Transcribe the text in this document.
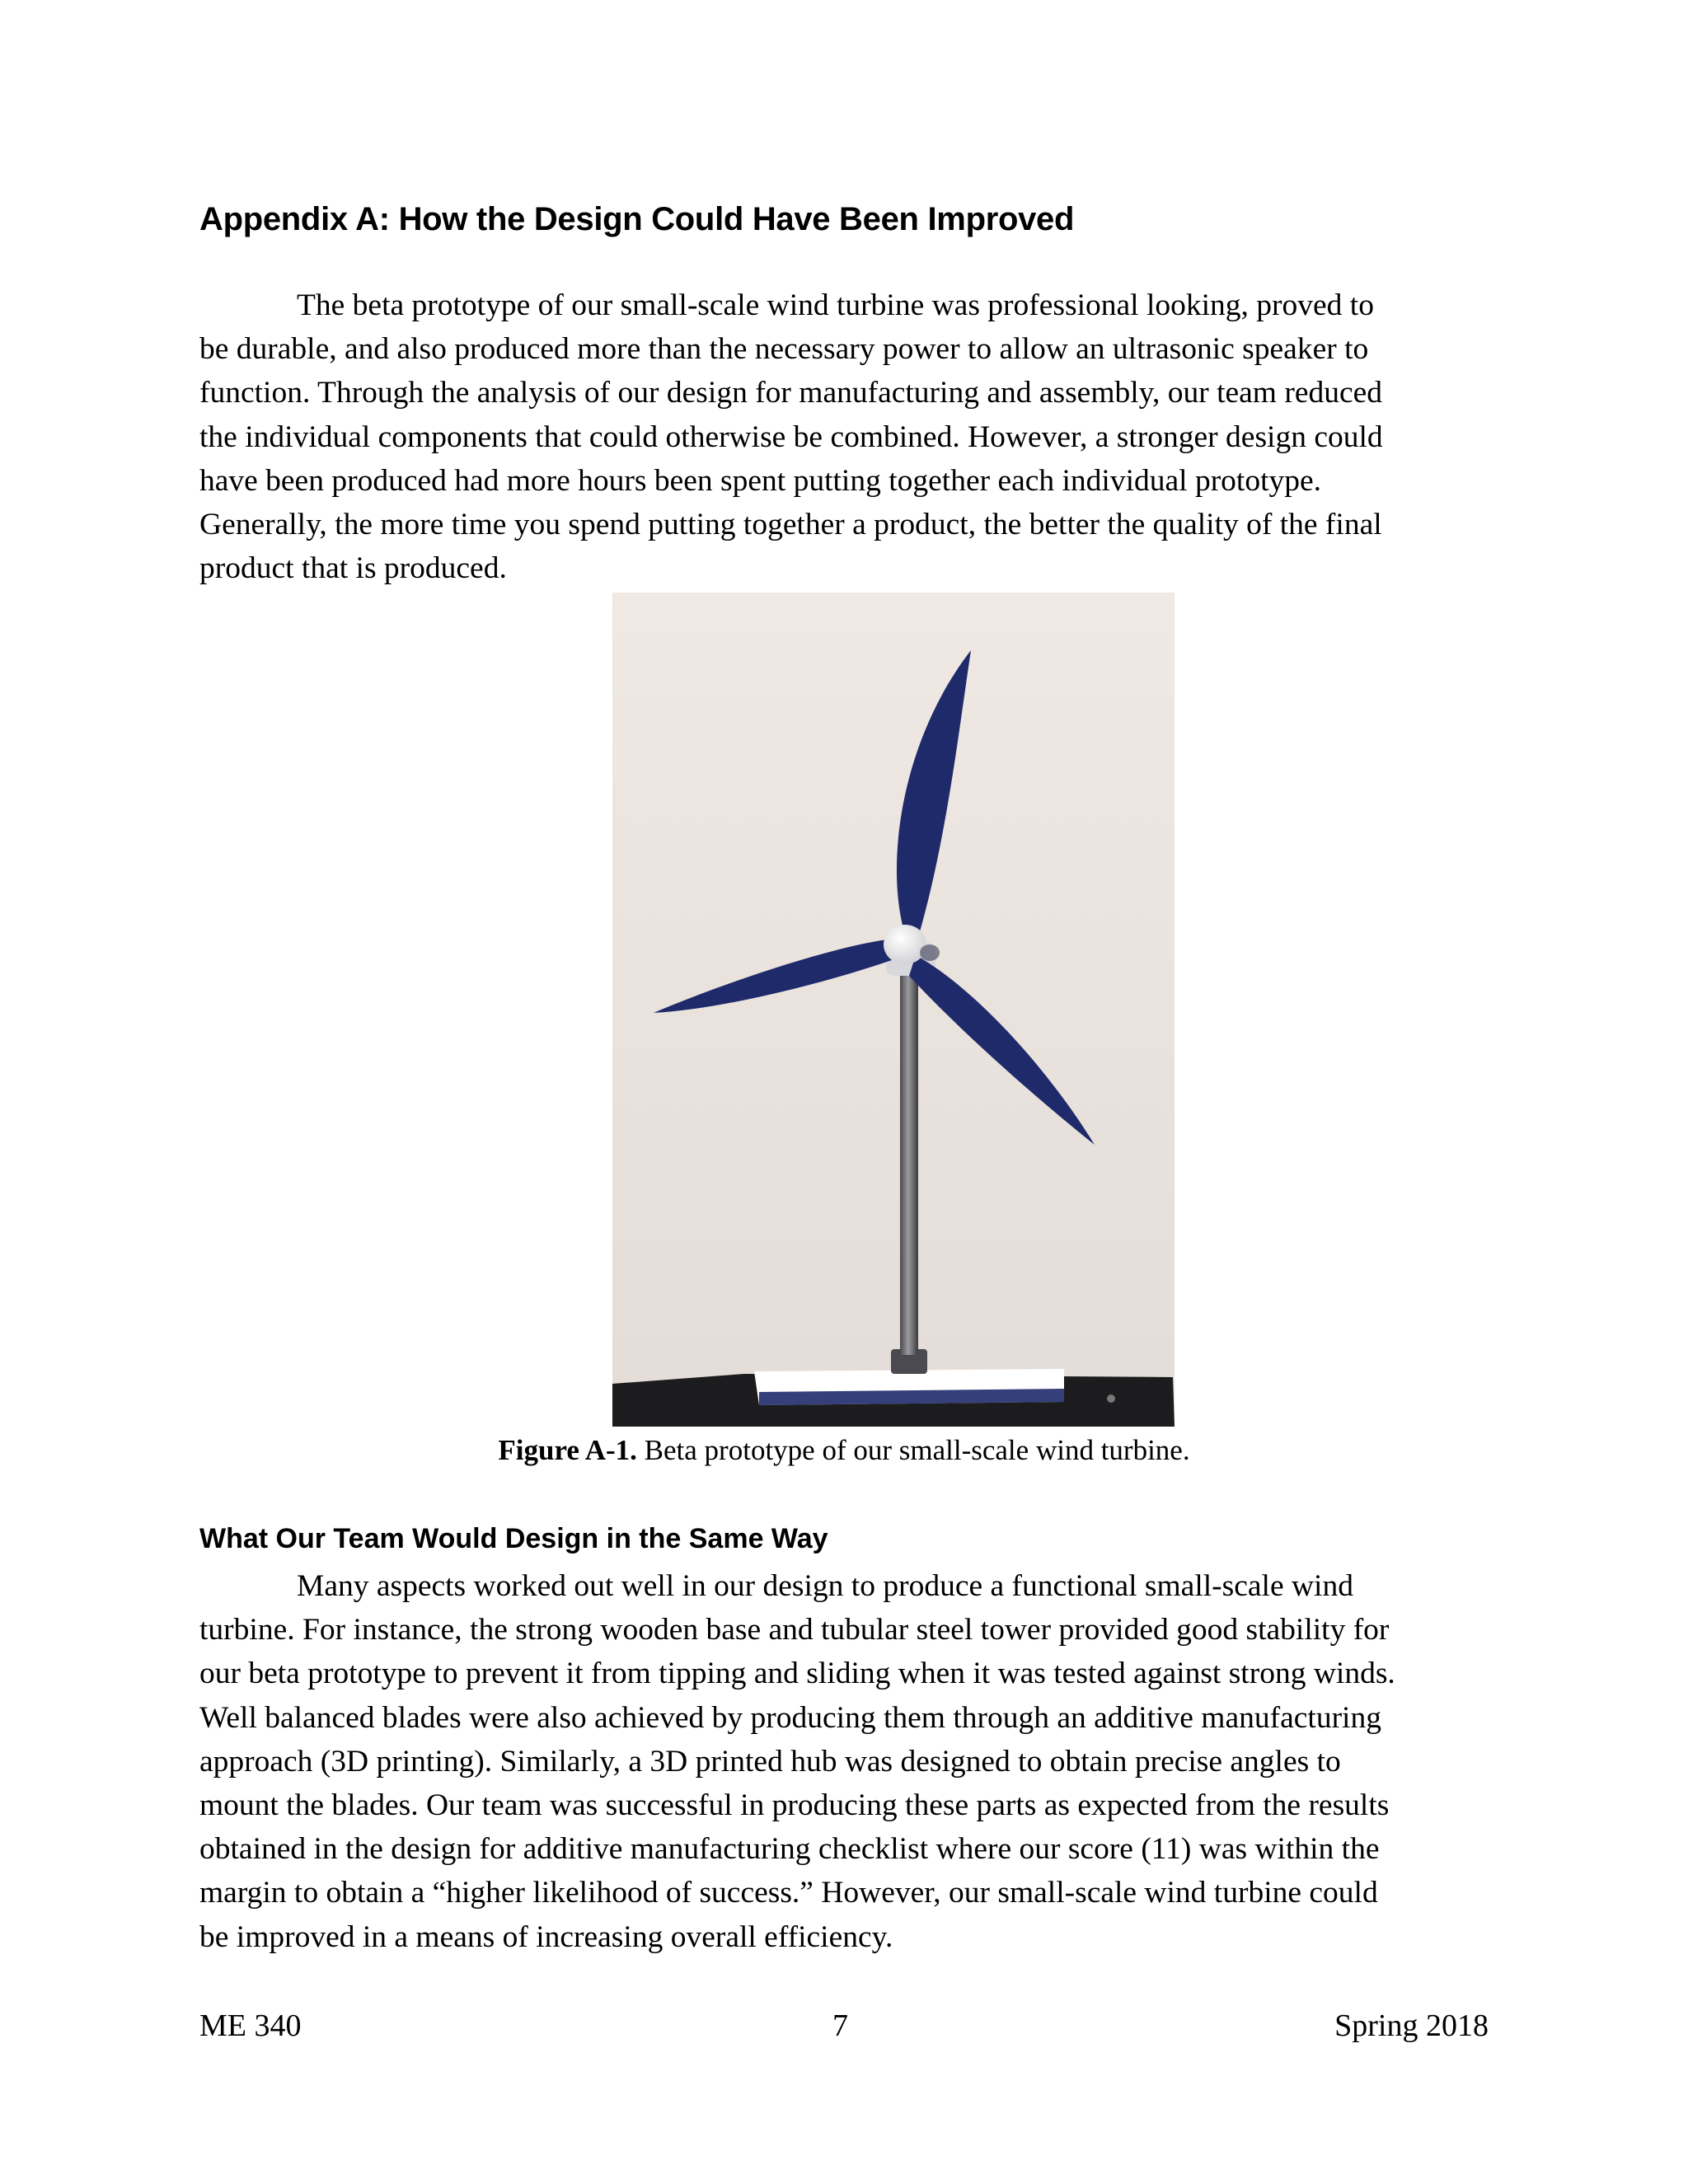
Appendix A: How the Design Could Have Been Improved

The beta prototype of our small-scale wind turbine was professional looking, proved to
be durable, and also produced more than the necessary power to allow an ultrasonic speaker to
function. Through the analysis of our design for manufacturing and assembly, our team reduced
the individual components that could otherwise be combined. However, a stronger design could
have been produced had more hours been spent putting together each individual prototype.
Generally, the more time you spend putting together a product, the better the quality of the final
product that is produced.

Figure A-1. Beta prototype of our small-scale wind turbine.

What Our Team Would Design in the Same Way

Many aspects worked out well in our design to produce a functional small-scale wind
turbine. For instance, the strong wooden base and tubular steel tower provided good stability for
our beta prototype to prevent it from tipping and sliding when it was tested against strong winds.
Well balanced blades were also achieved by producing them through an additive manufacturing
approach (3D printing). Similarly, a 3D printed hub was designed to obtain precise angles to
mount the blades. Our team was successful in producing these parts as expected from the results
obtained in the design for additive manufacturing checklist where our score (11) was within the
margin to obtain a “higher likelihood of success.” However, our small-scale wind turbine could
be improved in a means of increasing overall efficiency.

ME 340	7	Spring 2018
